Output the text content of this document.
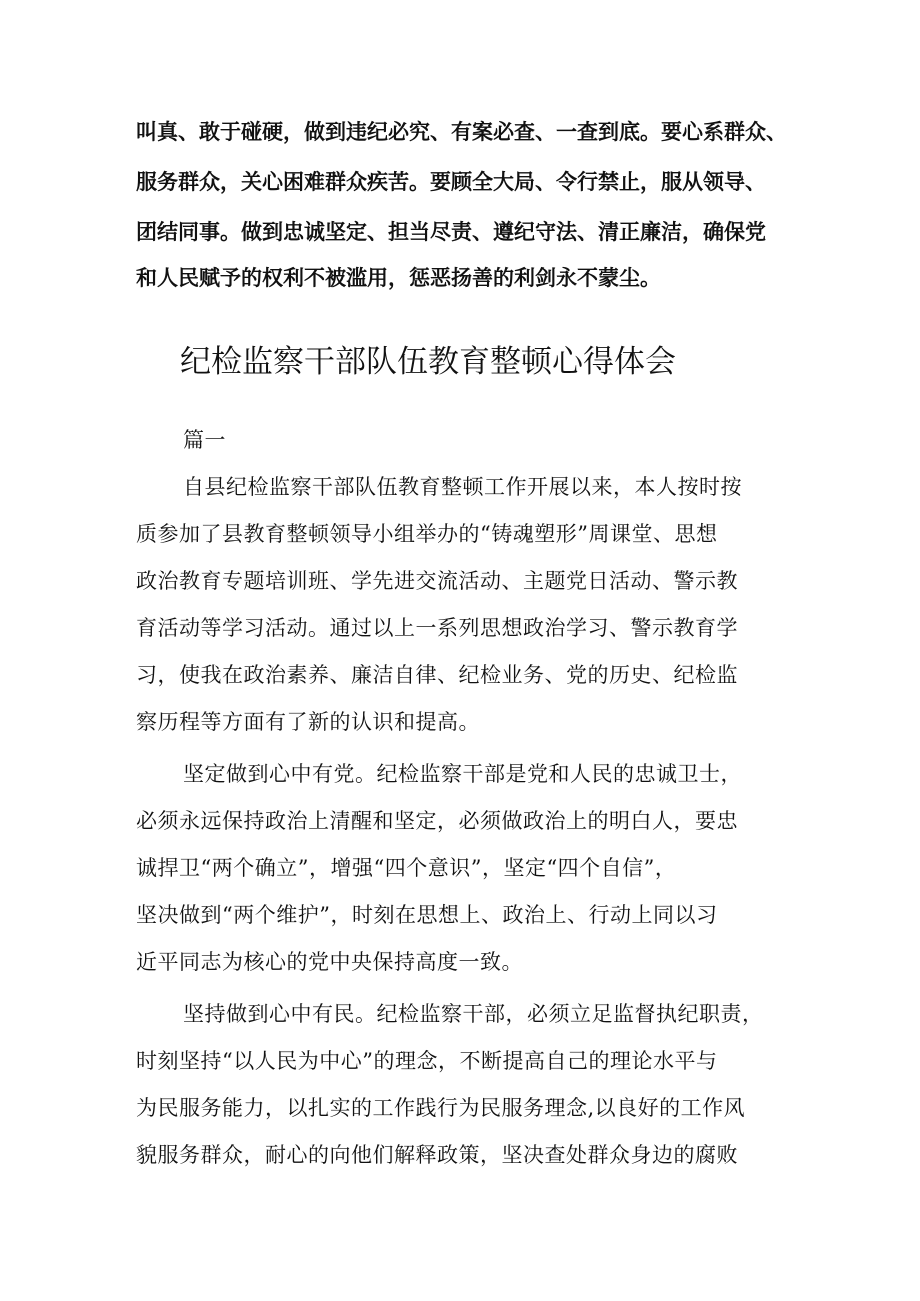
叫真、敢于碰硬，做到违纪必究、有案必查、一查到底。要心系群众、
服务群众，关心困难群众疾苦。要顾全大局、令行禁止，服从领导、
团结同事。做到忠诚坚定、担当尽责、遵纪守法、清正廉洁，确保党
和人民赋予的权利不被滥用，惩恶扬善的利剑永不蒙尘。
纪检监察干部队伍教育整顿心得体会
篇一
自县纪检监察干部队伍教育整顿工作开展以来，本人按时按
质参加了县教育整顿领导小组举办的“铸魂塑形”周课堂、思想
政治教育专题培训班、学先进交流活动、主题党日活动、警示教
育活动等学习活动。通过以上一系列思想政治学习、警示教育学
习，使我在政治素养、廉洁自律、纪检业务、党的历史、纪检监
察历程等方面有了新的认识和提高。
坚定做到心中有党。纪检监察干部是党和人民的忠诚卫士，
必须永远保持政治上清醒和坚定，必须做政治上的明白人，要忠
诚捍卫“两个确立”，增强“四个意识”，坚定“四个自信”，
坚决做到“两个维护”，时刻在思想上、政治上、行动上同以习
近平同志为核心的党中央保持高度一致。
坚持做到心中有民。纪检监察干部，必须立足监督执纪职责，
时刻坚持“以人民为中心”的理念，不断提高自己的理论水平与
为民服务能力，以扎实的工作践行为民服务理念,以良好的工作风
貌服务群众，耐心的向他们解释政策，坚决查处群众身边的腐败
